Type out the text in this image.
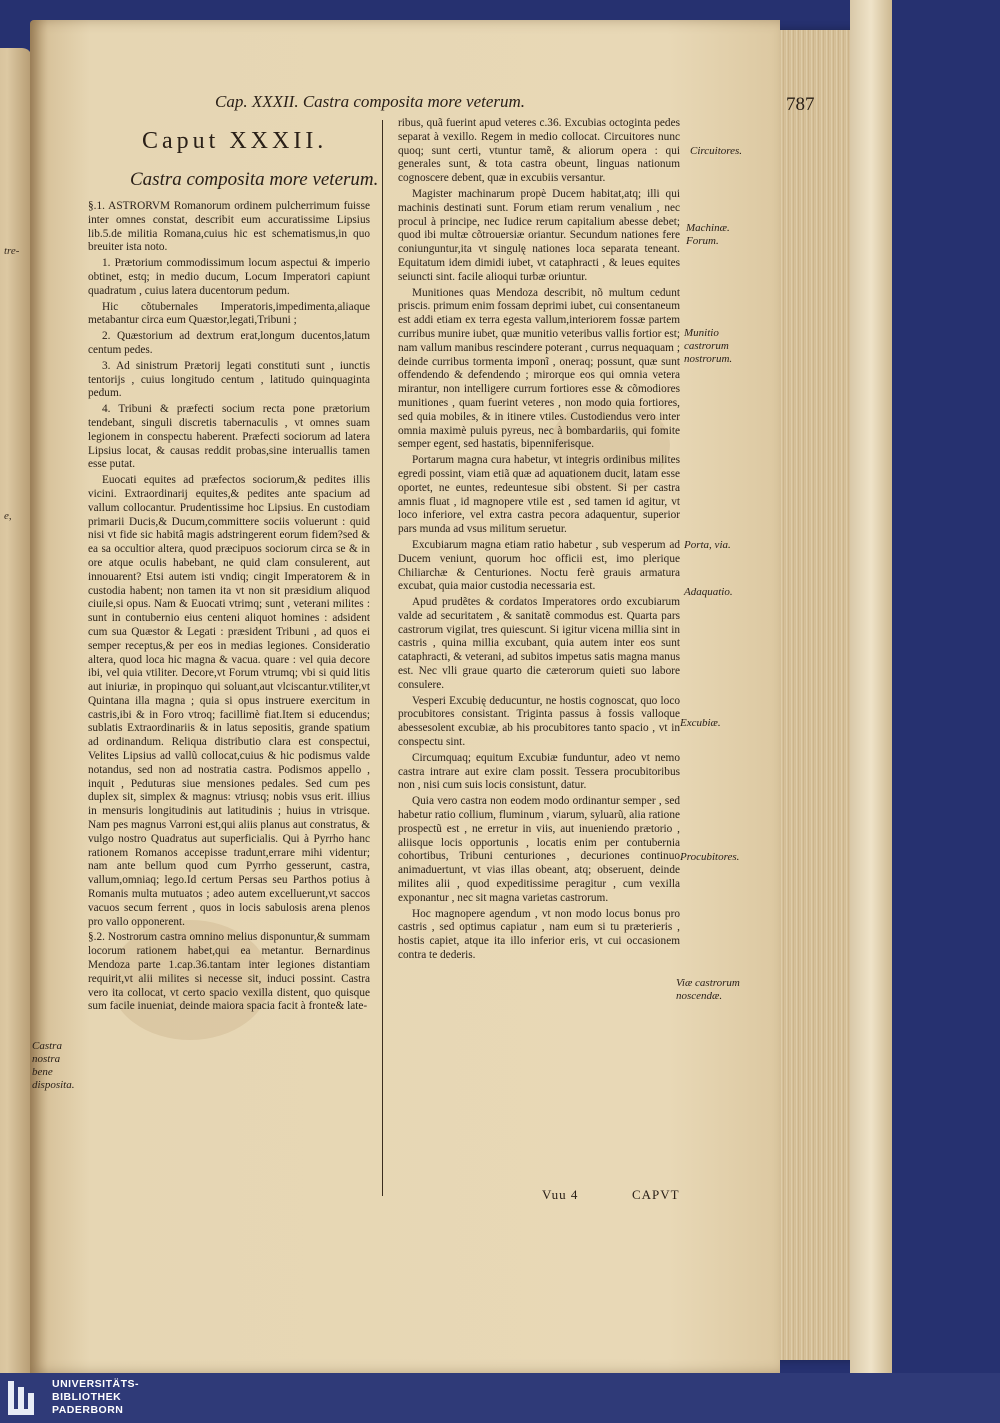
tre-
e,
Cap. XXXII. Castra composita more veterum.	787
Caput XXXII.
Castra composita more veterum.

§.1. ASTRORVM Romanorum ordinem pulcherrimum fuisse inter omnes constat, describit eum accuratissime Lipsius lib.5.de militia Romana,cuius hic est schematismus,in quo breuiter ista noto.

1. Prætorium commodissimum locum aspectui & imperio obtinet, estq; in medio ducum, Locum Imperatori capiunt quadratum , cuius latera ducentorum pedum.

Hic cõtubernales Imperatoris,impedimenta,aliaque metabantur circa eum Quæstor,legati,Tribuni ;

2. Quæstorium ad dextrum erat,longum ducentos,latum centum pedes.

3. Ad sinistrum Prætorij legati constituti sunt , iunctis tentorijs , cuius longitudo centum , latitudo quinquaginta pedum.

4. Tribuni & præfecti socium recta pone prætorium tendebant, singuli discretis tabernaculis , vt omnes suam legionem in conspectu haberent. Præfecti sociorum ad latera Lipsius locat, & causas reddit probas,sine interuallis tamen esse putat.

Euocati equites ad præfectos sociorum,& pedites illis vicini. Extraordinarij equites,& pedites ante spacium ad vallum collocantur. Prudentissime hoc Lipsius. En custodiam primarii Ducis,& Ducum,committere sociis voluerunt : quid nisi vt fide sic habitâ magis adstringerent eorum fidem?sed & ea sa occultior altera, quod præcipuos sociorum circa se & in ore atque oculis habebant, ne quid clam consulerent, aut innouarent? Etsi autem isti vndiq; cingit Imperatorem & in custodia habent; non tamen ita vt non sit præsidium aliquod ciuile,si opus. Nam & Euocati vtrimq; sunt , veterani milites : sunt in contubernio eius centeni aliquot homines : adsident cum sua Quæstor & Legati : præsident Tribuni , ad quos ei semper receptus,& per eos in medias legiones. Consideratio altera, quod loca hic magna & vacua. quare : vel quia decore ibi, vel quia vtiliter. Decore,vt Forum vtrumq; vbi si quid litis aut iniuriæ, in propinquo qui soluant,aut vlciscantur.vtiliter,vt Quintana illa magna ; quia si opus instruere exercitum in castris,ibi & in Foro vtroq; facillimè fiat.Item si educendus; sublatis Extraordinariis & in latus sepositis, grande spatium ad ordinandum. Reliqua distributio clara est conspectui, Velites Lipsius ad vallũ collocat,cuius & hic podismus valde notandus, sed non ad nostratia castra. Podismos appello , inquit , Peduturas siue mensiones pedales. Sed cum pes duplex sit, simplex & magnus: vtriusq; nobis vsus erit. illius in mensuris longitudinis aut latitudinis ; huius in vtrisque. Nam pes magnus Varroni est,qui aliis planus aut constratus, & vulgo nostro Quadratus aut superficialis. Qui à Pyrrho hanc rationem Romanos accepisse tradunt,errare mihi videntur; nam ante bellum quod cum Pyrrho gesserunt, castra, vallum,omniaq; lego.Id certum Persas seu Parthos potius à Romanis multa mutuatos ; adeo autem excelluerunt,vt saccos vacuos secum ferrent , quos in locis sabulosis arena plenos pro vallo opponerent.

§.2. Nostrorum castra omnino melius disponuntur,& summam locorum rationem habet,qui ea metantur. Bernardinus Mendoza parte 1.cap.36.tantam inter legiones distantiam requirit,vt alii milites si necesse sit, induci possint. Castra vero ita collocat, vt certo spacio vexilla distent, quo quisque sum facile inueniat, deinde maiora spacia facit à fronte& late-

ribus, quã fuerint apud veteres c.36. Excubias octoginta pedes separat à vexillo. Regem in medio collocat. Circuitores nunc quoq; sunt certi, vtuntur tamẽ, & aliorum opera : qui generales sunt, & tota castra obeunt, linguas nationum cognoscere debent, quæ in excubiis versantur.

Magister machinarum propè Ducem habitat,atq; illi qui machinis destinati sunt. Forum etiam rerum venalium , nec procul à principe, nec Iudice rerum capitalium abesse debet; quod ibi multæ cõtrouersiæ oriantur. Secundum nationes fere coniunguntur,ita vt singulę nationes loca separata teneant. Equitatum idem dimidi iubet, vt cataphracti , & leues equites seiuncti sint. facile alioqui turbæ oriuntur.

Munitiones quas Mendoza describit, nõ multum cedunt priscis. primum enim fossam deprimi iubet, cui consentaneum est addi etiam ex terra egesta vallum,interiorem fossæ partem curribus munire iubet, quæ munitio veteribus vallis fortior est; nam vallum manibus rescindere poterant , currus nequaquam ; deinde curribus tormenta imponĩ , oneraq; possunt, quæ sunt offendendo & defendendo ; mirorque eos qui omnia vetera mirantur, non intelligere currum fortiores esse & cõmodiores munitiones , quam fuerint veteres , non modo quia fortiores, sed quia mobiles, & in itinere vtiles. Custodiendus vero inter omnia maximè puluis pyreus, nec à bombardariis, qui fomite semper egent, sed hastatis, bipenniferisque.

Portarum magna cura habetur, vt integris ordinibus milites egredi possint, viam etiã quæ ad aquationem ducit, latam esse oportet, ne euntes, redeuntesue sibi obstent. Si per castra amnis fluat , id magnopere vtile est , sed tamen id agitur, vt loco inferiore, vel extra castra pecora adaquentur, superior pars munda ad vsus militum seruetur.

Excubiarum magna etiam ratio habetur , sub vesperum ad Ducem veniunt, quorum hoc officii est, imo plerique Chiliarchæ & Centuriones. Noctu ferè grauis armatura excubat, quia maior custodia necessaria est.

Apud prudẽtes & cordatos Imperatores ordo excubiarum valde ad securitatem , & sanitatẽ commodus est. Quarta pars castrorum vigilat, tres quiescunt. Si igitur vicena millia sint in castris , quina millia excubant, quia autem inter eos sunt cataphracti, & veterani, ad subitos impetus satis magna manus est. Nec vlli graue quarto die cæterorum quieti suo labore consulere.

Vesperi Excubię deducuntur, ne hostis cognoscat, quo loco procubitores consistant. Triginta passus à fossis valloque abessesolent excubiæ, ab his procubitores tanto spacio , vt in conspectu sint.

Circumquaq; equitum Excubiæ funduntur, adeo vt nemo castra intrare aut exire clam possit. Tessera procubitoribus non , nisi cum suis locis consistunt, datur.

Quia vero castra non eodem modo ordinantur semper , sed habetur ratio collium, fluminum , viarum, syluarũ, alia ratione prospectũ est , ne erretur in viis, aut inueniendo prætorio , aliisque locis opportunis , locatis enim per contubernia cohortibus, Tribuni centuriones , decuriones continuo animaduertunt, vt vias illas obeant, atq; obseruent, deinde milites alii , quod expeditissime peragitur , cum vexilla exponantur , nec sit magna varietas castrorum.

Hoc magnopere agendum , vt non modo locus bonus pro castris , sed optimus capiatur , nam eum si tu præterieris , hostis capiet, atque ita illo inferior eris, vt cui occasionem contra te dederis.

Circuitores.
Machinæ.
Forum.
Munitio castrorum nostrorum.
Porta, via.
Adaquatio.
Excubiæ.
Procubitores.
Viæ castrorum noscendæ.
Castra nostra bene disposita.
Vuu 4	CAPVT
UNIVERSITÄTS-
BIBLIOTHEK
PADERBORN
